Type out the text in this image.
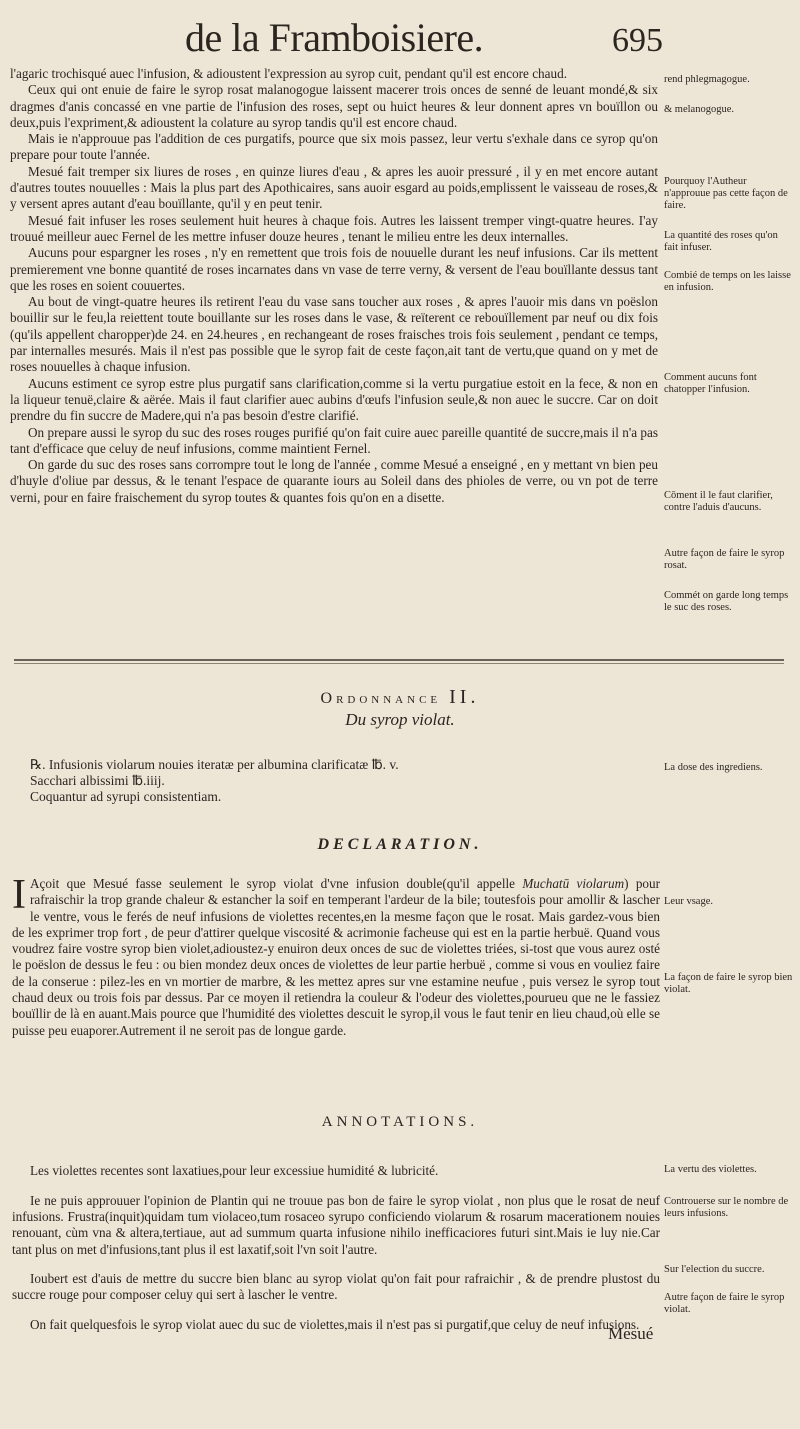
de la Framboisiere.	695

l'agaric trochisqué auec l'infusion, & adioustent l'expression au syrop cuit, pendant qu'il est encore chaud.

Ceux qui ont enuie de faire le syrop rosat malanogogue laissent macerer trois onces de senné de leuant mondé,& six dragmes d'anis concassé en vne partie de l'infusion des roses, sept ou huict heures & leur donnent apres vn bouïllon ou deux,puis l'expriment,& adioustent la colature au syrop tandis qu'il est encore chaud.

Mais ie n'approuue pas l'addition de ces purgatifs, pource que six mois passez, leur vertu s'exhale dans ce syrop qu'on prepare pour toute l'année.

Mesué fait tremper six liures de roses , en quinze liures d'eau , & apres les auoir pressuré , il y en met encore autant d'autres toutes nouuelles : Mais la plus part des Apothicaires, sans auoir esgard au poids,emplissent le vaisseau de roses,& y versent apres autant d'eau bouïllante, qu'il y en peut tenir.

Mesué fait infuser les roses seulement huit heures à chaque fois. Autres les laissent tremper vingt-quatre heures. I'ay trouué meilleur auec Fernel de les mettre infuser douze heures , tenant le milieu entre les deux internalles.

Aucuns pour espargner les roses , n'y en remettent que trois fois de nouuelle durant les neuf infusions. Car ils mettent premierement vne bonne quantité de roses incarnates dans vn vase de terre verny, & versent de l'eau bouïllante dessus tant que les roses en soient couuertes.

Au bout de vingt-quatre heures ils retirent l'eau du vase sans toucher aux roses , & apres l'auoir mis dans vn poëslon bouillir sur le feu,la reiettent toute bouillante sur les roses dans le vase, & reïterent ce rebouïllement par neuf ou dix fois (qu'ils appellent charopper)de 24. en 24.heures , en rechangeant de roses fraisches trois fois seulement , pendant ce temps, par internalles mesurés. Mais il n'est pas possible que le syrop fait de ceste façon,ait tant de vertu,que quand on y met de roses nouuelles à chaque infusion.

Aucuns estiment ce syrop estre plus purgatif sans clarification,comme si la vertu purgatiue estoit en la fece, & non en la liqueur tenuë,claire & aërée. Mais il faut clarifier auec aubins d'œufs l'infusion seule,& non auec le succre. Car on doit prendre du fin succre de Madere,qui n'a pas besoin d'estre clarifié.

On prepare aussi le syrop du suc des roses rouges purifié qu'on fait cuire auec pareille quantité de succre,mais il n'a pas tant d'efficace que celuy de neuf infusions, comme maintient Fernel.

On garde du suc des roses sans corrompre tout le long de l'année , comme Mesué a enseigné , en y mettant vn bien peu d'huyle d'oliue par dessus, & le tenant l'espace de quarante iours au Soleil dans des phioles de verre, ou vn pot de terre verni, pour en faire fraischement du syrop toutes & quantes fois qu'on en a disette.

Ordonnance II.
Du syrop violat.
℞. Infusionis violarum nouies iteratæ per albumina clarificatæ ℔. v.
Sacchari albissimi ℔.iiij.
Coquantur ad syrupi consistentiam.
DECLARATION.
I Açoit que Mesué fasse seulement le syrop violat d'vne infusion double(qu'il appelle Muchatū violarum) pour rafraischir la trop grande chaleur & estancher la soif en temperant l'ardeur de la bile; toutesfois pour amollir & lascher le ventre, vous le ferés de neuf infusions de violettes recentes,en la mesme façon que le rosat. Mais gardez-vous bien de les exprimer trop fort , de peur d'attirer quelque viscosité & acrimonie facheuse qui est en la partie herbuë. Quand vous voudrez faire vostre syrop bien violet,adioustez-y enuiron deux onces de suc de violettes triées, si-tost que vous aurez osté le poëslon de dessus le feu : ou bien mondez deux onces de violettes de leur partie herbuë , comme si vous en vouliez faire de la conserue : pilez-les en vn mortier de marbre, & les mettez apres sur vne estamine neufue , puis versez le syrop tout chaud deux ou trois fois par dessus. Par ce moyen il retiendra la couleur & l'odeur des violettes,pourueu que ne le fassiez bouïllir de là en auant.Mais pource que l'humidité des violettes descuit le syrop,il vous le faut tenir en lieu chaud,où elle se puisse peu euaporer.Autrement il ne seroit pas de longue garde.
ANNOTATIONS.

Les violettes recentes sont laxatiues,pour leur excessiue humidité & lubricité.

Ie ne puis approuuer l'opinion de Plantin qui ne trouue pas bon de faire le syrop violat , non plus que le rosat de neuf infusions. Frustra(inquit)quidam tum violaceo,tum rosaceo syrupo conficiendo violarum & rosarum macerationem nouies renouant, cùm vna & altera,tertiaue, aut ad summum quarta infusione nihilo inefficaciores futuri sint.Mais ie luy nie.Car tant plus on met d'infusions,tant plus il est laxatif,soit l'vn soit l'autre.

Ioubert est d'auis de mettre du succre bien blanc au syrop violat qu'on fait pour rafraichir , & de prendre plustost du succre rouge pour composer celuy qui sert à lascher le ventre.

On fait quelquesfois le syrop violat auec du suc de violettes,mais il n'est pas si purgatif,que celuy de neuf infusions.

Mesué
rend phlegmagogue.
& melanogogue.
Pourquoy l'Autheur n'approuue pas cette façon de faire.
La quantité des roses qu'on fait infuser.
Combié de temps on les laisse en infusion.
Comment aucuns font chatopper l'infusion.
Cōment il le faut clarifier, contre l'aduis d'aucuns.
Autre façon de faire le syrop rosat.
Commét on garde long temps le suc des roses.
La dose des ingrediens.
Leur vsage.
La façon de faire le syrop bien violat.
La vertu des violettes.
Controuerse sur le nombre de leurs infusions.
Sur l'election du succre.
Autre façon de faire le syrop violat.
